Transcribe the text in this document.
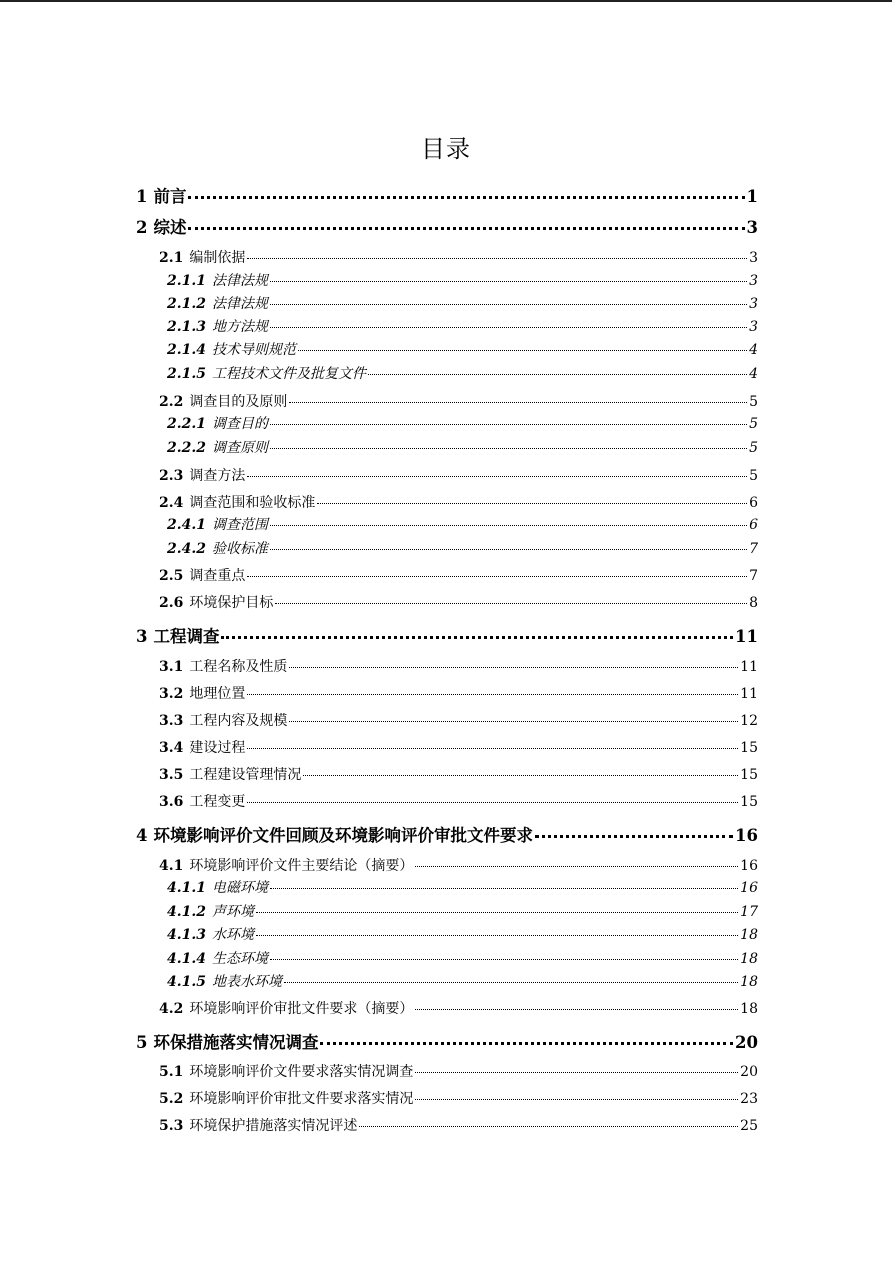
目录
1 前言	1
2 综述	3
2.1 编制依据	3
2.1.1 法律法规	3
2.1.2 法律法规	3
2.1.3 地方法规	3
2.1.4 技术导则规范	4
2.1.5 工程技术文件及批复文件	4
2.2 调查目的及原则	5
2.2.1 调查目的	5
2.2.2 调查原则	5
2.3 调查方法	5
2.4 调查范围和验收标准	6
2.4.1 调查范围	6
2.4.2 验收标准	7
2.5 调查重点	7
2.6 环境保护目标	8
3 工程调查	11
3.1 工程名称及性质	11
3.2 地理位置	11
3.3 工程内容及规模	12
3.4 建设过程	15
3.5 工程建设管理情况	15
3.6 工程变更	15
4 环境影响评价文件回顾及环境影响评价审批文件要求	16
4.1 环境影响评价文件主要结论（摘要）	16
4.1.1 电磁环境	16
4.1.2 声环境	17
4.1.3 水环境	18
4.1.4 生态环境	18
4.1.5 地表水环境	18
4.2 环境影响评价审批文件要求（摘要）	18
5 环保措施落实情况调查	20
5.1 环境影响评价文件要求落实情况调查	20
5.2 环境影响评价审批文件要求落实情况	23
5.3 环境保护措施落实情况评述	25
